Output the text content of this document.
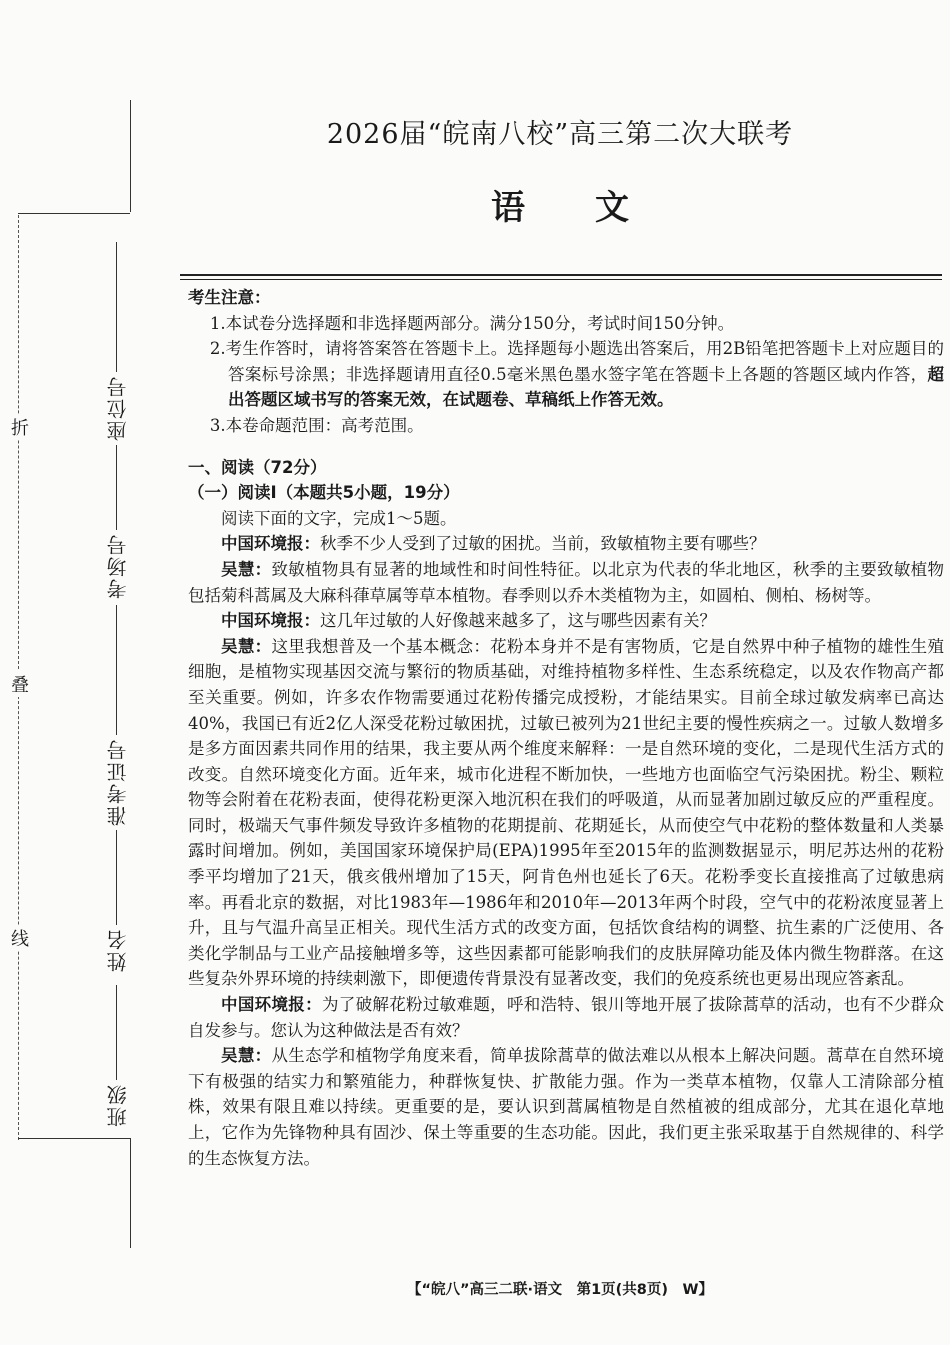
折
叠
线
座位号
考场号
准考证号
姓名
班级
2026届“皖南八校”高三第二次大联考
语文

考生注意：

1.本试卷分选择题和非选择题两部分。满分150分，考试时间150分钟。

2.考生作答时，请将答案答在答题卡上。选择题每小题选出答案后，用2B铅笔把答题卡上对应题目的答案标号涂黑；非选择题请用直径0.5毫米黑色墨水签字笔在答题卡上各题的答题区域内作答，超出答题区域书写的答案无效，在试题卷、草稿纸上作答无效。

3.本卷命题范围：高考范围。

一、阅读（72分）

（一）阅读Ⅰ（本题共5小题，19分）

阅读下面的文字，完成1～5题。

中国环境报：秋季不少人受到了过敏的困扰。当前，致敏植物主要有哪些？

吴慧：致敏植物具有显著的地域性和时间性特征。以北京为代表的华北地区，秋季的主要致敏植物包括菊科蒿属及大麻科葎草属等草本植物。春季则以乔木类植物为主，如圆柏、侧柏、杨树等。

中国环境报：这几年过敏的人好像越来越多了，这与哪些因素有关？

吴慧：这里我想普及一个基本概念：花粉本身并不是有害物质，它是自然界中种子植物的雄性生殖细胞，是植物实现基因交流与繁衍的物质基础，对维持植物多样性、生态系统稳定，以及农作物高产都至关重要。例如，许多农作物需要通过花粉传播完成授粉，才能结果实。目前全球过敏发病率已高达40%，我国已有近2亿人深受花粉过敏困扰，过敏已被列为21世纪主要的慢性疾病之一。过敏人数增多是多方面因素共同作用的结果，我主要从两个维度来解释：一是自然环境的变化，二是现代生活方式的改变。自然环境变化方面。近年来，城市化进程不断加快，一些地方也面临空气污染困扰。粉尘、颗粒物等会附着在花粉表面，使得花粉更深入地沉积在我们的呼吸道，从而显著加剧过敏反应的严重程度。同时，极端天气事件频发导致许多植物的花期提前、花期延长，从而使空气中花粉的整体数量和人类暴露时间增加。例如，美国国家环境保护局(EPA)1995年至2015年的监测数据显示，明尼苏达州的花粉季平均增加了21天，俄亥俄州增加了15天，阿肯色州也延长了6天。花粉季变长直接推高了过敏患病率。再看北京的数据，对比1983年—1986年和2010年—2013年两个时段，空气中的花粉浓度显著上升，且与气温升高呈正相关。现代生活方式的改变方面，包括饮食结构的调整、抗生素的广泛使用、各类化学制品与工业产品接触增多等，这些因素都可能影响我们的皮肤屏障功能及体内微生物群落。在这些复杂外界环境的持续刺激下，即便遗传背景没有显著改变，我们的免疫系统也更易出现应答紊乱。

中国环境报：为了破解花粉过敏难题，呼和浩特、银川等地开展了拔除蒿草的活动，也有不少群众自发参与。您认为这种做法是否有效？

吴慧：从生态学和植物学角度来看，简单拔除蒿草的做法难以从根本上解决问题。蒿草在自然环境下有极强的结实力和繁殖能力，种群恢复快、扩散能力强。作为一类草本植物，仅靠人工清除部分植株，效果有限且难以持续。更重要的是，要认识到蒿属植物是自然植被的组成部分，尤其在退化草地上，它作为先锋物种具有固沙、保土等重要的生态功能。因此，我们更主张采取基于自然规律的、科学的生态恢复方法。

【“皖八”高三二联·语文　第1页(共8页)　W】
